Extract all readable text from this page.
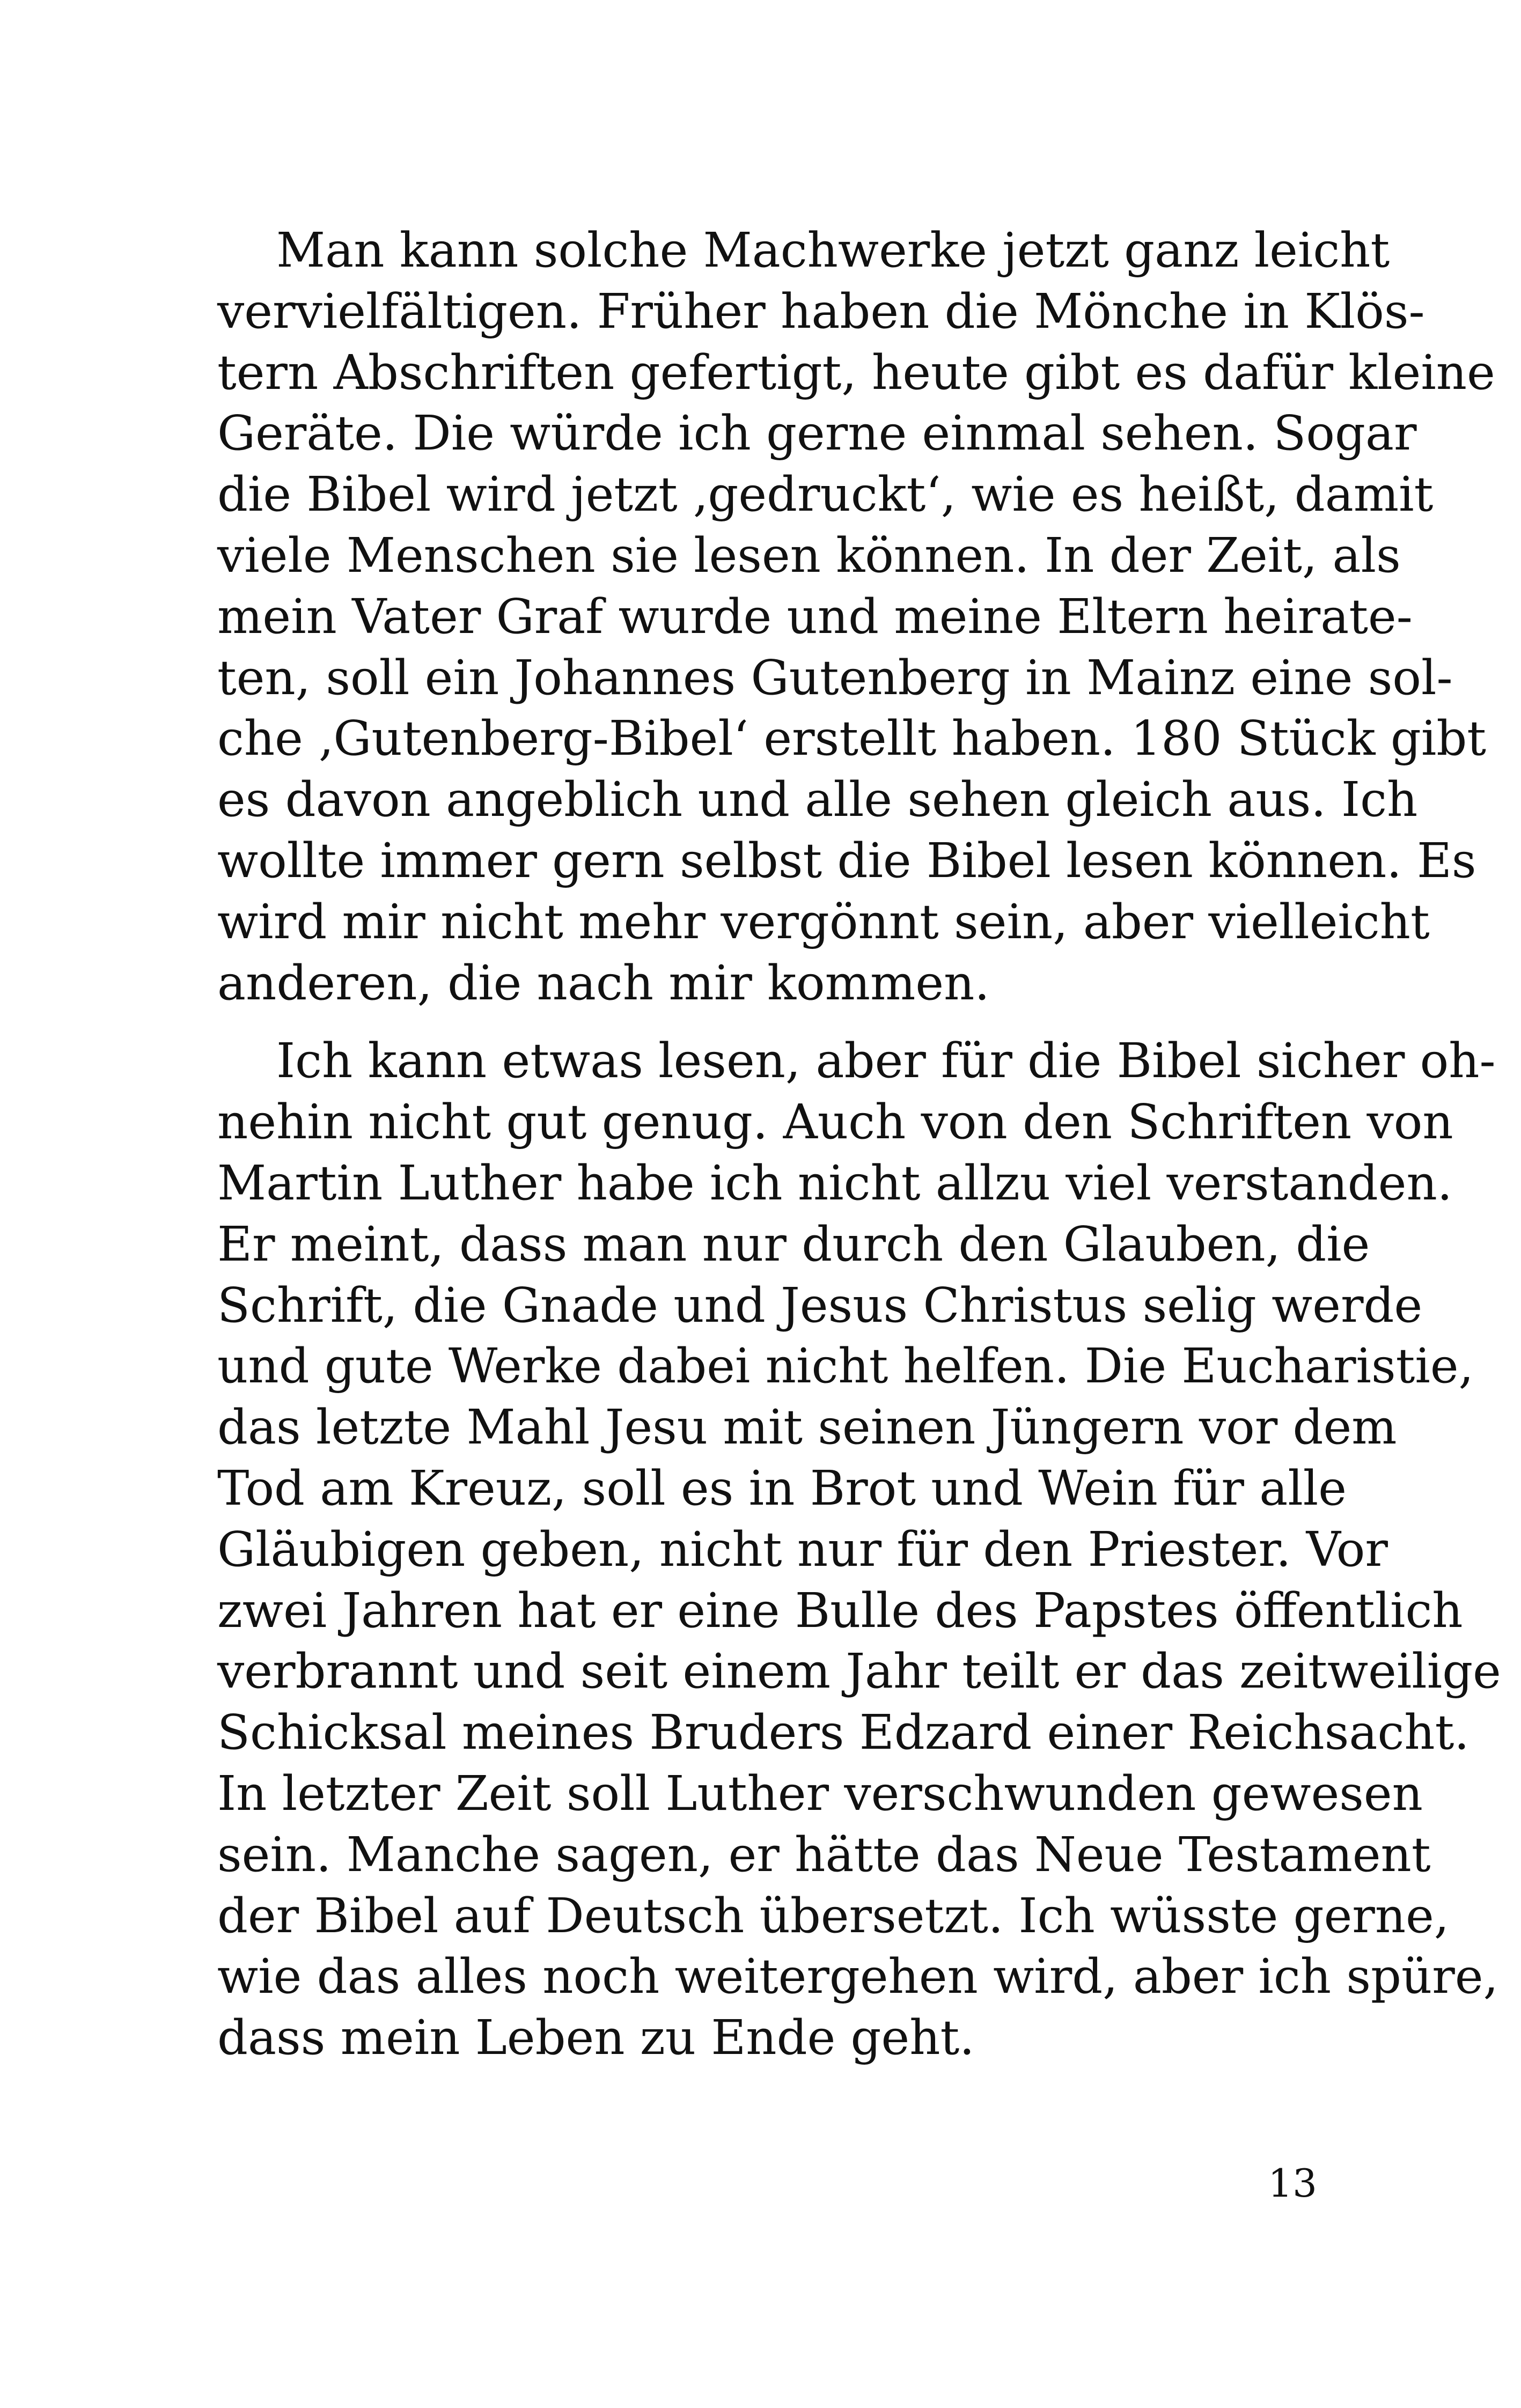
Man kann solche Machwerke jetzt ganz leicht
vervielfältigen. Früher haben die Mönche in Klös-
tern Abschriften gefertigt, heute gibt es dafür kleine
Geräte. Die würde ich gerne einmal sehen. Sogar
die Bibel wird jetzt ‚gedruckt‘, wie es heißt, damit
viele Menschen sie lesen können. In der Zeit, als
mein Vater Graf wurde und meine Eltern heirate-
ten, soll ein Johannes Gutenberg in Mainz eine sol-
che ‚Gutenberg-Bibel‘ erstellt haben. 180 Stück gibt
es davon angeblich und alle sehen gleich aus. Ich
wollte immer gern selbst die Bibel lesen können. Es
wird mir nicht mehr vergönnt sein, aber vielleicht
anderen, die nach mir kommen.
Ich kann etwas lesen, aber für die Bibel sicher oh-
nehin nicht gut genug. Auch von den Schriften von
Martin Luther habe ich nicht allzu viel verstanden.
Er meint, dass man nur durch den Glauben, die
Schrift, die Gnade und Jesus Christus selig werde
und gute Werke dabei nicht helfen. Die Eucharistie,
das letzte Mahl Jesu mit seinen Jüngern vor dem
Tod am Kreuz, soll es in Brot und Wein für alle
Gläubigen geben, nicht nur für den Priester. Vor
zwei Jahren hat er eine Bulle des Papstes öffentlich
verbrannt und seit einem Jahr teilt er das zeitweilige
Schicksal meines Bruders Edzard einer Reichsacht.
In letzter Zeit soll Luther verschwunden gewesen
sein. Manche sagen, er hätte das Neue Testament
der Bibel auf Deutsch übersetzt. Ich wüsste gerne,
wie das alles noch weitergehen wird, aber ich spüre,
dass mein Leben zu Ende geht.
13
